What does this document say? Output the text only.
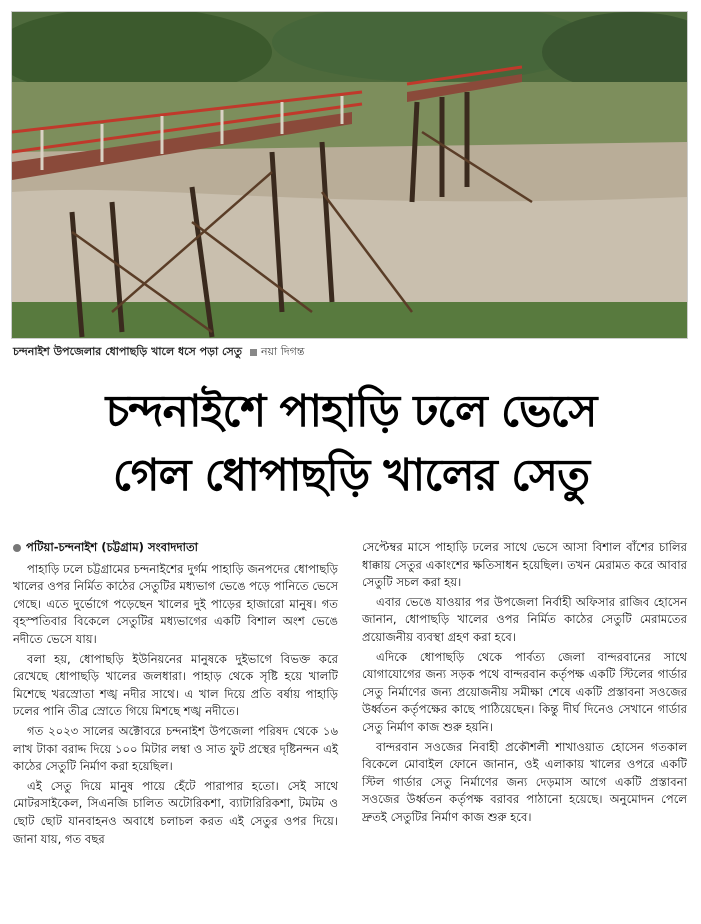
চন্দনাইশ উপজেলার ধোপাছড়ি খালে ধসে পড়া সেতু নয়া দিগন্ত
চন্দনাইশে পাহাড়ি ঢলে ভেসে
গেল ধোপাছড়ি খালের সেতু
পটিয়া-চন্দনাইশ (চট্টগ্রাম) সংবাদদাতা

পাহাড়ি ঢলে চট্টগ্রামের চন্দনাইশের দুর্গম পাহাড়ি জনপদের ধোপাছড়ি খালের ওপর নির্মিত কাঠের সেতুটির মধ্যভাগ ভেঙে পড়ে পানিতে ভেসে গেছে। এতে দুর্ভোগে পড়েছেন খালের দুই পাড়ের হাজারো মানুষ। গত বৃহস্পতিবার বিকেলে সেতুটির মধ্যভাগের একটি বিশাল অংশ ভেঙে নদীতে ভেসে যায়।

বলা হয়, ধোপাছড়ি ইউনিয়নের মানুষকে দুইভাগে বিভক্ত করে রেখেছে ধোপাছড়ি খালের জলধারা। পাহাড় থেকে সৃষ্টি হয়ে খালটি মিশেছে খরস্রোতা শঙ্খ নদীর সাথে। এ খাল দিয়ে প্রতি বর্ষায় পাহাড়ি ঢলের পানি তীব্র স্রোতে গিয়ে মিশছে শঙ্খ নদীতে।

গত ২০২৩ সালের অক্টোবরে চন্দনাইশ উপজেলা পরিষদ থেকে ১৬ লাখ টাকা বরাদ্দ দিয়ে ১০০ মিটার লম্বা ও সাত ফুট প্রস্থের দৃষ্টিনন্দন এই কাঠের সেতুটি নির্মাণ করা হয়েছিল।

এই সেতু দিয়ে মানুষ পায়ে হেঁটে পারাপার হতো। সেই সাথে মোটরসাইকেল, সিএনজি চালিত অটোরিকশা, ব্যাটারিরিকশা, টমটম ও ছোট ছোট যানবাহনও অবাধে চলাচল করত এই সেতুর ওপর দিয়ে। জানা যায়, গত বছর

সেপ্টেম্বর মাসে পাহাড়ি ঢলের সাথে ভেসে আসা বিশাল বাঁশের চালির ধাক্কায় সেতুর একাংশের ক্ষতিসাধন হয়েছিল। তখন মেরামত করে আবার সেতুটি সচল করা হয়।

এবার ভেঙে যাওয়ার পর উপজেলা নির্বাহী অফিসার রাজিব হোসেন জানান, ধোপাছড়ি খালের ওপর নির্মিত কাঠের সেতুটি মেরামতের প্রয়োজনীয় ব্যবস্থা গ্রহণ করা হবে।

এদিকে ধোপাছড়ি থেকে পার্বত্য জেলা বান্দরবানের সাথে যোগাযোগের জন্য সড়ক পথে বান্দরবান কর্তৃপক্ষ একটি স্টিলের গার্ডার সেতু নির্মাণের জন্য প্রয়োজনীয় সমীক্ষা শেষে একটি প্রস্তাবনা সওজের উর্ধ্বতন কর্তৃপক্ষের কাছে পাঠিয়েছেন। কিন্তু দীর্ঘ দিনেও সেখানে গার্ডার সেতু নির্মাণ কাজ শুরু হয়নি।

বান্দরবান সওজের নিবাহী প্রকৌশলী শাখাওয়াত হোসেন গতকাল বিকেলে মোবাইল ফোনে জানান, ওই এলাকায় খালের ওপরে একটি স্টিল গার্ডার সেতু নির্মাণের জন্য দেড়মাস আগে একটি প্রস্তাবনা সওজের উর্ধ্বতন কর্তৃপক্ষ বরাবর পাঠানো হয়েছে। অনুমোদন পেলে দ্রুতই সেতুটির নির্মাণ কাজ শুরু হবে।
